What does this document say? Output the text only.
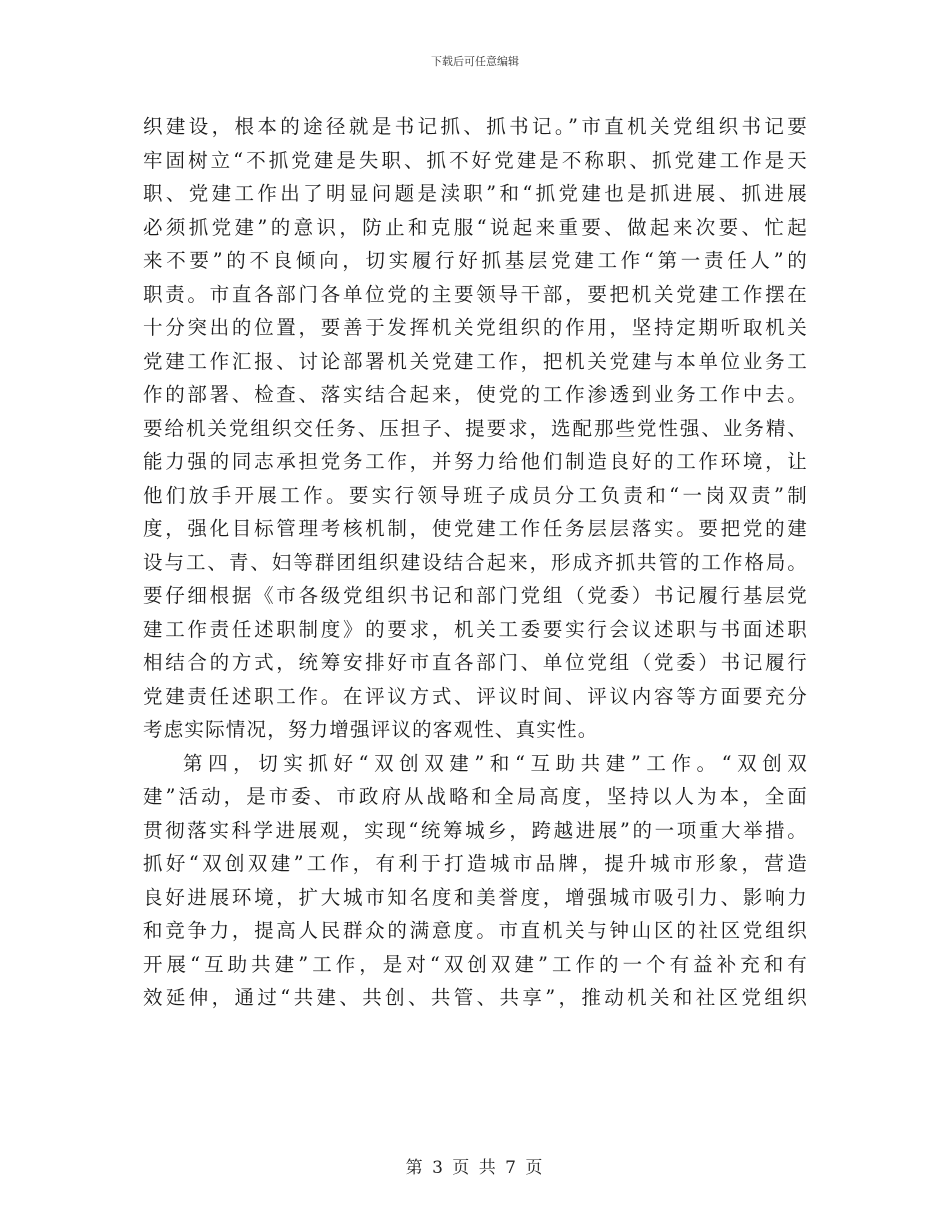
下载后可任意编辑
织建设，根本的途径就是书记抓、抓书记。”市直机关党组织书记要
牢固树立“不抓党建是失职、抓不好党建是不称职、抓党建工作是天
职、党建工作出了明显问题是渎职”和“抓党建也是抓进展、抓进展
必须抓党建”的意识，防止和克服“说起来重要、做起来次要、忙起
来不要”的不良倾向，切实履行好抓基层党建工作“第一责任人”的
职责。市直各部门各单位党的主要领导干部，要把机关党建工作摆在
十分突出的位置，要善于发挥机关党组织的作用，坚持定期听取机关
党建工作汇报、讨论部署机关党建工作，把机关党建与本单位业务工
作的部署、检查、落实结合起来，使党的工作渗透到业务工作中去。
要给机关党组织交任务、压担子、提要求，选配那些党性强、业务精、
能力强的同志承担党务工作，并努力给他们制造良好的工作环境，让
他们放手开展工作。要实行领导班子成员分工负责和“一岗双责”制
度，强化目标管理考核机制，使党建工作任务层层落实。要把党的建
设与工、青、妇等群团组织建设结合起来，形成齐抓共管的工作格局。
要仔细根据《市各级党组织书记和部门党组（党委）书记履行基层党
建工作责任述职制度》的要求，机关工委要实行会议述职与书面述职
相结合的方式，统筹安排好市直各部门、单位党组（党委）书记履行
党建责任述职工作。在评议方式、评议时间、评议内容等方面要充分
考虑实际情况，努力增强评议的客观性、真实性。
第四，切实抓好“双创双建”和“互助共建”工作。“双创双
建”活动，是市委、市政府从战略和全局高度，坚持以人为本，全面
贯彻落实科学进展观，实现“统筹城乡，跨越进展”的一项重大举措。
抓好“双创双建”工作，有利于打造城市品牌，提升城市形象，营造
良好进展环境，扩大城市知名度和美誉度，增强城市吸引力、影响力
和竞争力，提高人民群众的满意度。市直机关与钟山区的社区党组织
开展“互助共建”工作，是对“双创双建”工作的一个有益补充和有
效延伸，通过“共建、共创、共管、共享”，推动机关和社区党组织
第 3 页 共 7 页
